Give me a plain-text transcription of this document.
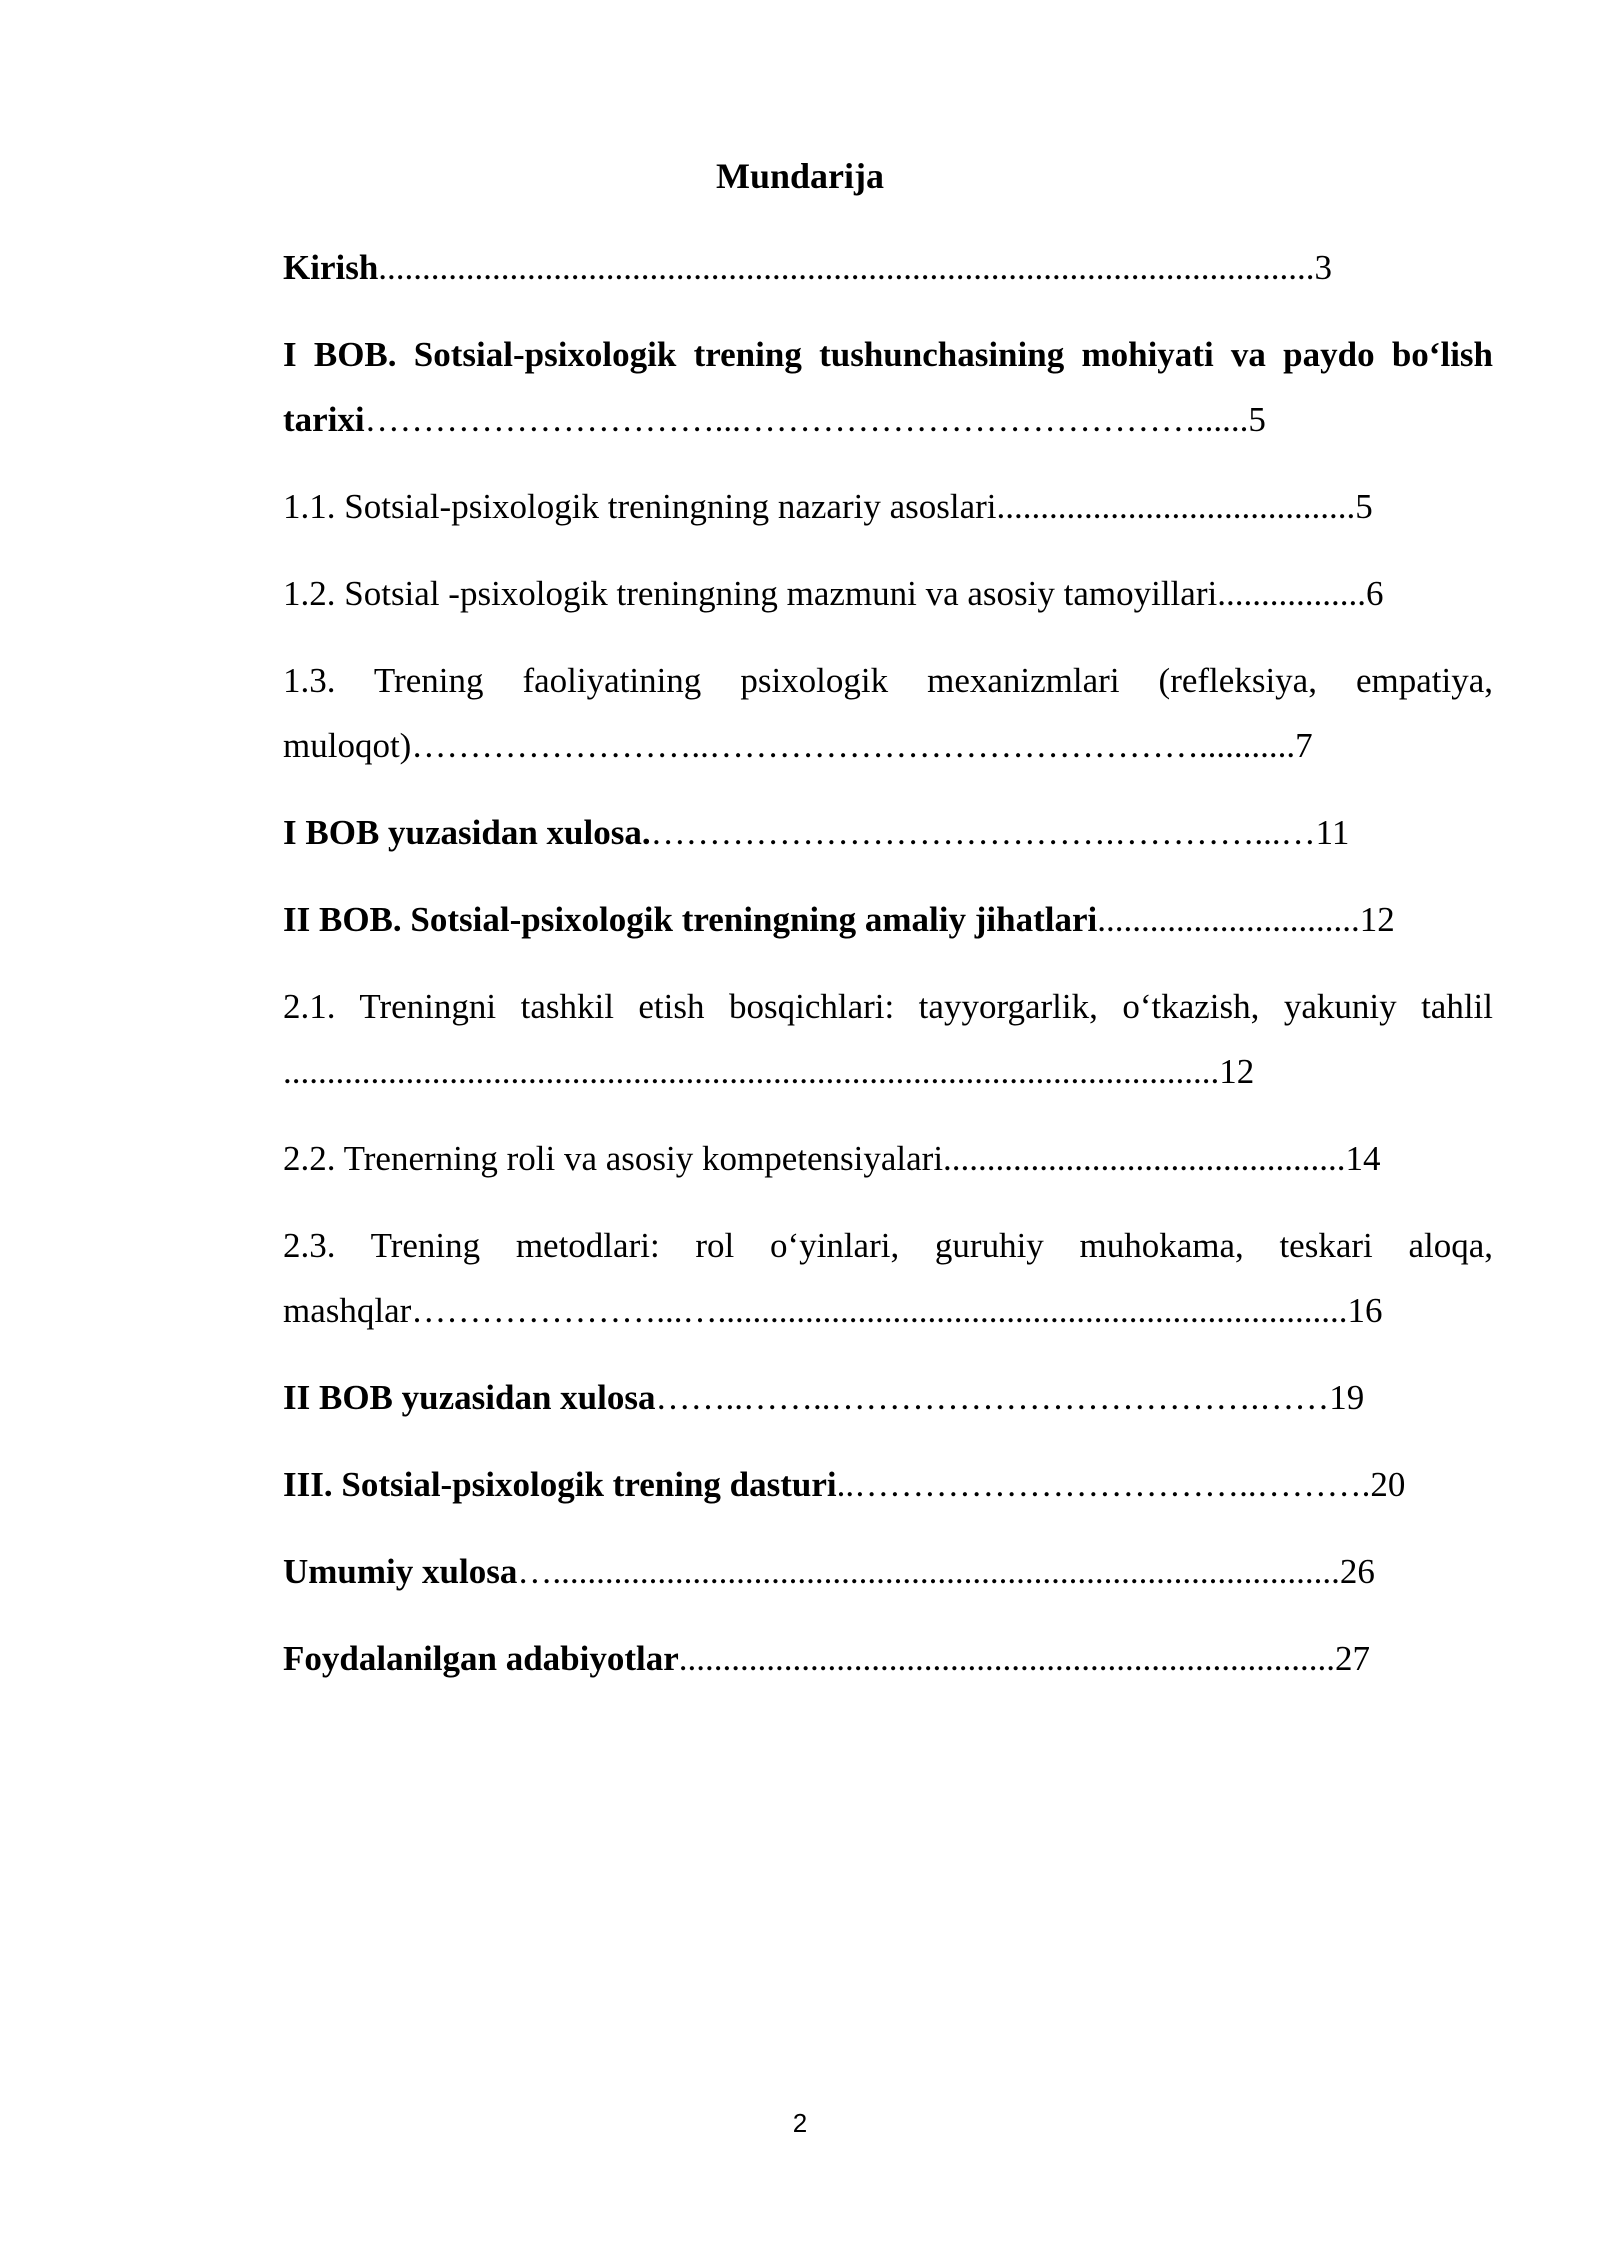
Mundarija
Kirish...........................................................................................................3
I BOB. Sotsial-psixologik trening tushunchasining mohiyati va paydo bo‘lish tarixi…………………………...…………………………………......5
1.1. Sotsial-psixologik treningning nazariy asoslari.........................................5
1.2. Sotsial -psixologik treningning mazmuni va asosiy tamoyillari.................6
1.3. Trening faoliyatining psixologik mexanizmlari (refleksiya, empatiya, muloqot)……………………..……………………………………...........7
I BOB yuzasidan xulosa.………………………………….…………...…11
II BOB. Sotsial-psixologik treningning amaliy jihatlari..............................12
2.1. Treningni tashkil etish bosqichlari: tayyorgarlik, o‘tkazish, yakuniy tahlil ...........................................................................................................12
2.2. Trenerning roli va asosiy kompetensiyalari..............................................14
2.3. Trening metodlari: rol o‘yinlari, guruhiy muhokama, teskari aloqa, mashqlar…………………...…........................................................................16
II BOB yuzasidan xulosa……..……..……………………………….……19
III. Sotsial-psixologik trening dasturi..……………………………..……….20
Umumiy xulosa…..........................................................................................26
Foydalanilgan adabiyotlar...........................................................................27
2
